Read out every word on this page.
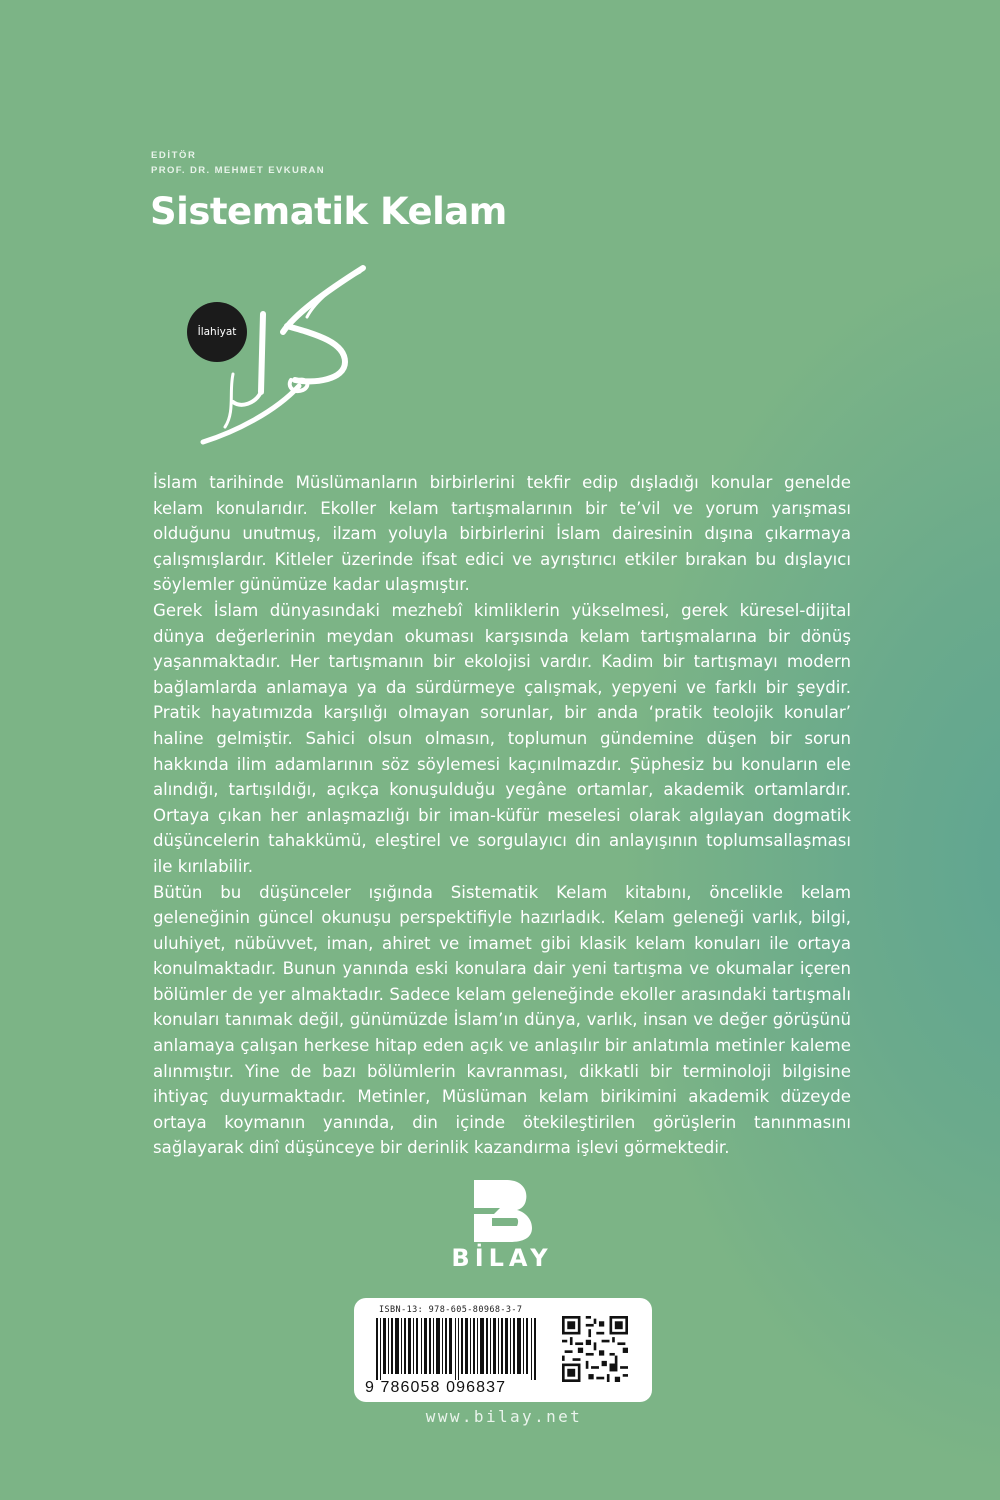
EDİTÖR
PROF. DR. MEHMET EVKURAN
Sistematik Kelam
İlahiyat

İslam tarihinde Müslümanların birbirlerini tekfir edip dışladığı konular genelde kelam konularıdır. Ekoller kelam tartışmalarının bir te’vil ve yorum yarışması olduğunu unutmuş, ilzam yoluyla birbirlerini İslam dairesinin dışına çıkarmaya çalışmışlardır. Kitleler üzerinde ifsat edici ve ayrıştırıcı etkiler bırakan bu dışlayıcı söylemler günümüze kadar ulaşmıştır.

Gerek İslam dünyasındaki mezhebî kimliklerin yükselmesi, gerek küresel-dijital dünya değerlerinin meydan okuması karşısında kelam tartışmalarına bir dönüş yaşanmaktadır. Her tartışmanın bir ekolojisi vardır. Kadim bir tartışmayı modern bağlamlarda anlamaya ya da sürdürmeye çalışmak, yepyeni ve farklı bir şeydir. Pratik hayatımızda karşılığı olmayan sorunlar, bir anda ‘pratik teolojik konular’ haline gelmiştir. Sahici olsun olmasın, toplumun gündemine düşen bir sorun hakkında ilim adamlarının söz söylemesi kaçınılmazdır. Şüphesiz bu konuların ele alındığı, tartışıldığı, açıkça konuşulduğu yegâne ortamlar, akademik ortamlardır. Ortaya çıkan her anlaşmazlığı bir iman-küfür meselesi olarak algılayan dogmatik düşüncelerin tahakkümü, eleştirel ve sorgulayıcı din anlayışının toplumsallaşması ile kırılabilir.

Bütün bu düşünceler ışığında Sistematik Kelam kitabını, öncelikle kelam geleneğinin güncel okunuşu perspektifiyle hazırladık. Kelam geleneği varlık, bilgi, uluhiyet, nübüvvet, iman, ahiret ve imamet gibi klasik kelam konuları ile ortaya konulmaktadır. Bunun yanında eski konulara dair yeni tartışma ve okumalar içeren bölümler de yer almaktadır. Sadece kelam geleneğinde ekoller arasındaki tartışmalı konuları tanımak değil, günümüzde İslam’ın dünya, varlık, insan ve değer görüşünü anlamaya çalışan herkese hitap eden açık ve anlaşılır bir anlatımla metinler kaleme alınmıştır. Yine de bazı bölümlerin kavranması, dikkatli bir terminoloji bilgisine ihtiyaç duyurmaktadır. Metinler, Müslüman kelam birikimini akademik düzeyde ortaya koymanın yanında, din içinde ötekileştirilen görüşlerin tanınmasını sağlayarak dinî düşünceye bir derinlik kazandırma işlevi görmektedir.

BİLAY
ISBN-13: 978-605-80968-3-7
9 786058 096837
www.bilay.net
